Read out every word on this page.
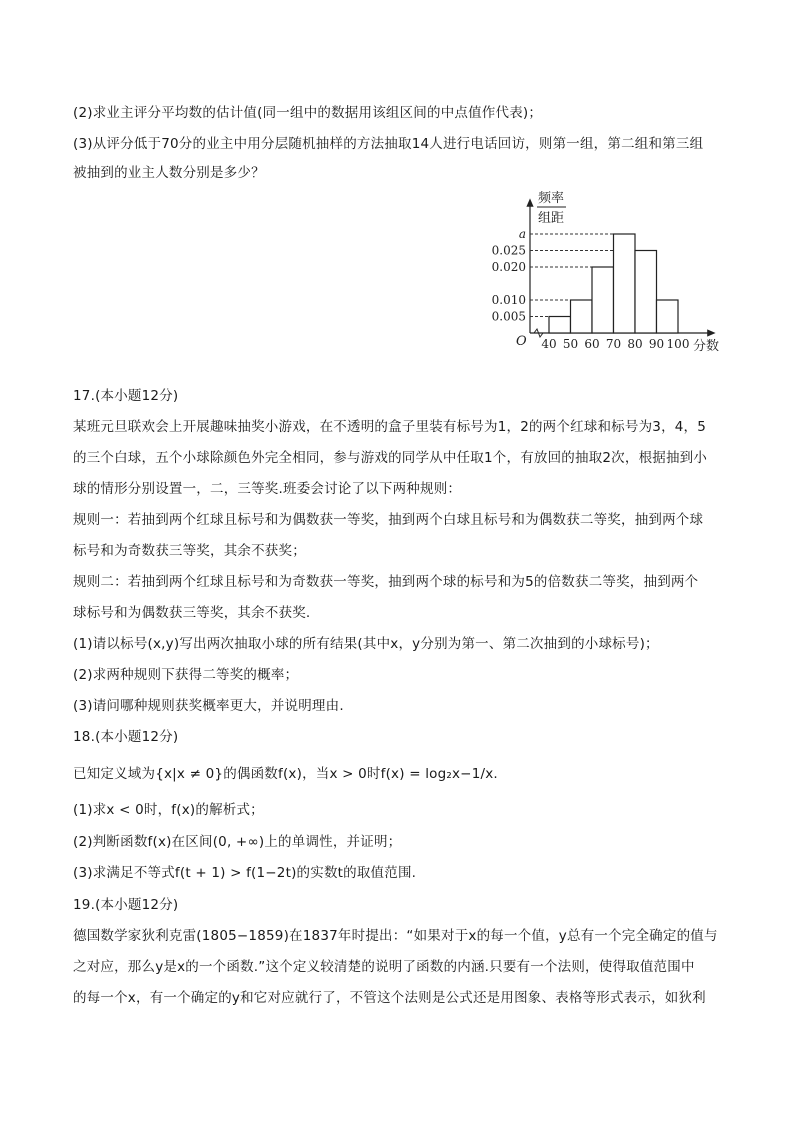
(2)求业主评分平均数的估计值(同一组中的数据用该组区间的中点值作代表)；
(3)从评分低于70分的业主中用分层随机抽样的方法抽取14人进行电话回访，则第一组，第二组和第三组
被抽到的业主人数分别是多少？
a
0.025
0.020
0.010
0.005
40 50 60 70 80 90 100
O	分数
频率
组距
17.(本小题12分)
某班元旦联欢会上开展趣味抽奖小游戏，在不透明的盒子里装有标号为1，2的两个红球和标号为3，4，5
的三个白球，五个小球除颜色外完全相同，参与游戏的同学从中任取1个，有放回的抽取2次，根据抽到小
球的情形分别设置一，二，三等奖.班委会讨论了以下两种规则：
规则一：若抽到两个红球且标号和为偶数获一等奖，抽到两个白球且标号和为偶数获二等奖，抽到两个球
标号和为奇数获三等奖，其余不获奖；
规则二：若抽到两个红球且标号和为奇数获一等奖，抽到两个球的标号和为5的倍数获二等奖，抽到两个
球标号和为偶数获三等奖，其余不获奖.
(1)请以标号(x,y)写出两次抽取小球的所有结果(其中x，y分别为第一、第二次抽到的小球标号)；
(2)求两种规则下获得二等奖的概率；
(3)请问哪种规则获奖概率更大，并说明理由.
18.(本小题12分)
已知定义域为{x|x ≠ 0}的偶函数f(x)，当x > 0时f(x) = log₂x−1/x.
(1)求x < 0时，f(x)的解析式；
(2)判断函数f(x)在区间(0, +∞)上的单调性，并证明；
(3)求满足不等式f(t + 1) > f(1−2t)的实数t的取值范围.
19.(本小题12分)
德国数学家狄利克雷(1805−1859)在1837年时提出：“如果对于x的每一个值，y总有一个完全确定的值与
之对应，那么y是x的一个函数.”这个定义较清楚的说明了函数的内涵.只要有一个法则，使得取值范围中
的每一个x，有一个确定的y和它对应就行了，不管这个法则是公式还是用图象、表格等形式表示，如狄利
